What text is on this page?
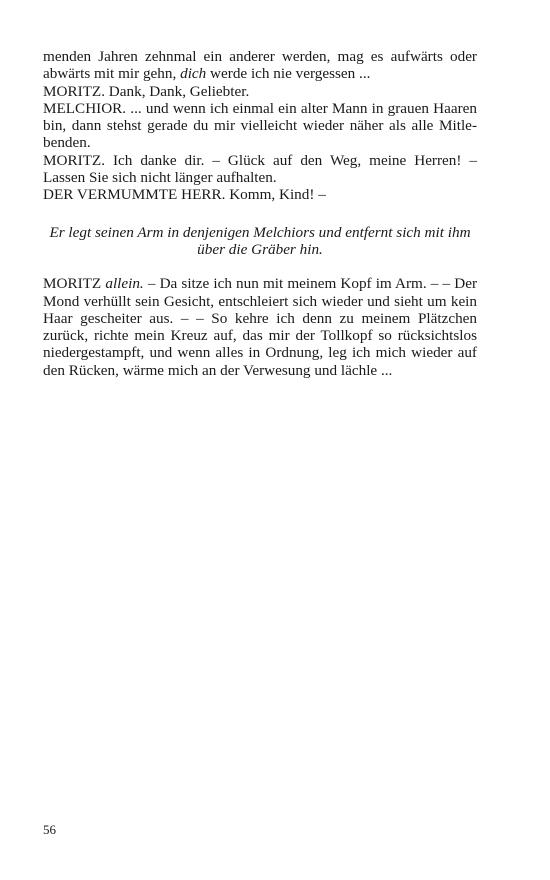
menden Jahren zehnmal ein anderer werden, mag es aufwärts oder abwärts mit mir gehn, dich werde ich nie vergessen ...

MORITZ. Dank, Dank, Geliebter.

MELCHIOR. ... und wenn ich einmal ein alter Mann in grauen Haaren bin, dann stehst gerade du mir vielleicht wieder näher als alle Mitlebenden.

MORITZ. Ich danke dir. – Glück auf den Weg, meine Herren! – Lassen Sie sich nicht länger aufhalten.

DER VERMUMMTE HERR. Komm, Kind! –

Er legt seinen Arm in denjenigen Melchiors und entfernt sich mit ihm über die Gräber hin.

MORITZ allein. – Da sitze ich nun mit meinem Kopf im Arm. – – Der Mond verhüllt sein Gesicht, entschleiert sich wieder und sieht um kein Haar gescheiter aus. – – So kehre ich denn zu meinem Plätzchen zurück, richte mein Kreuz auf, das mir der Tollkopf so rücksichtslos niedergestampft, und wenn alles in Ordnung, leg ich mich wieder auf den Rücken, wärme mich an der Verwesung und lächle ...

56
